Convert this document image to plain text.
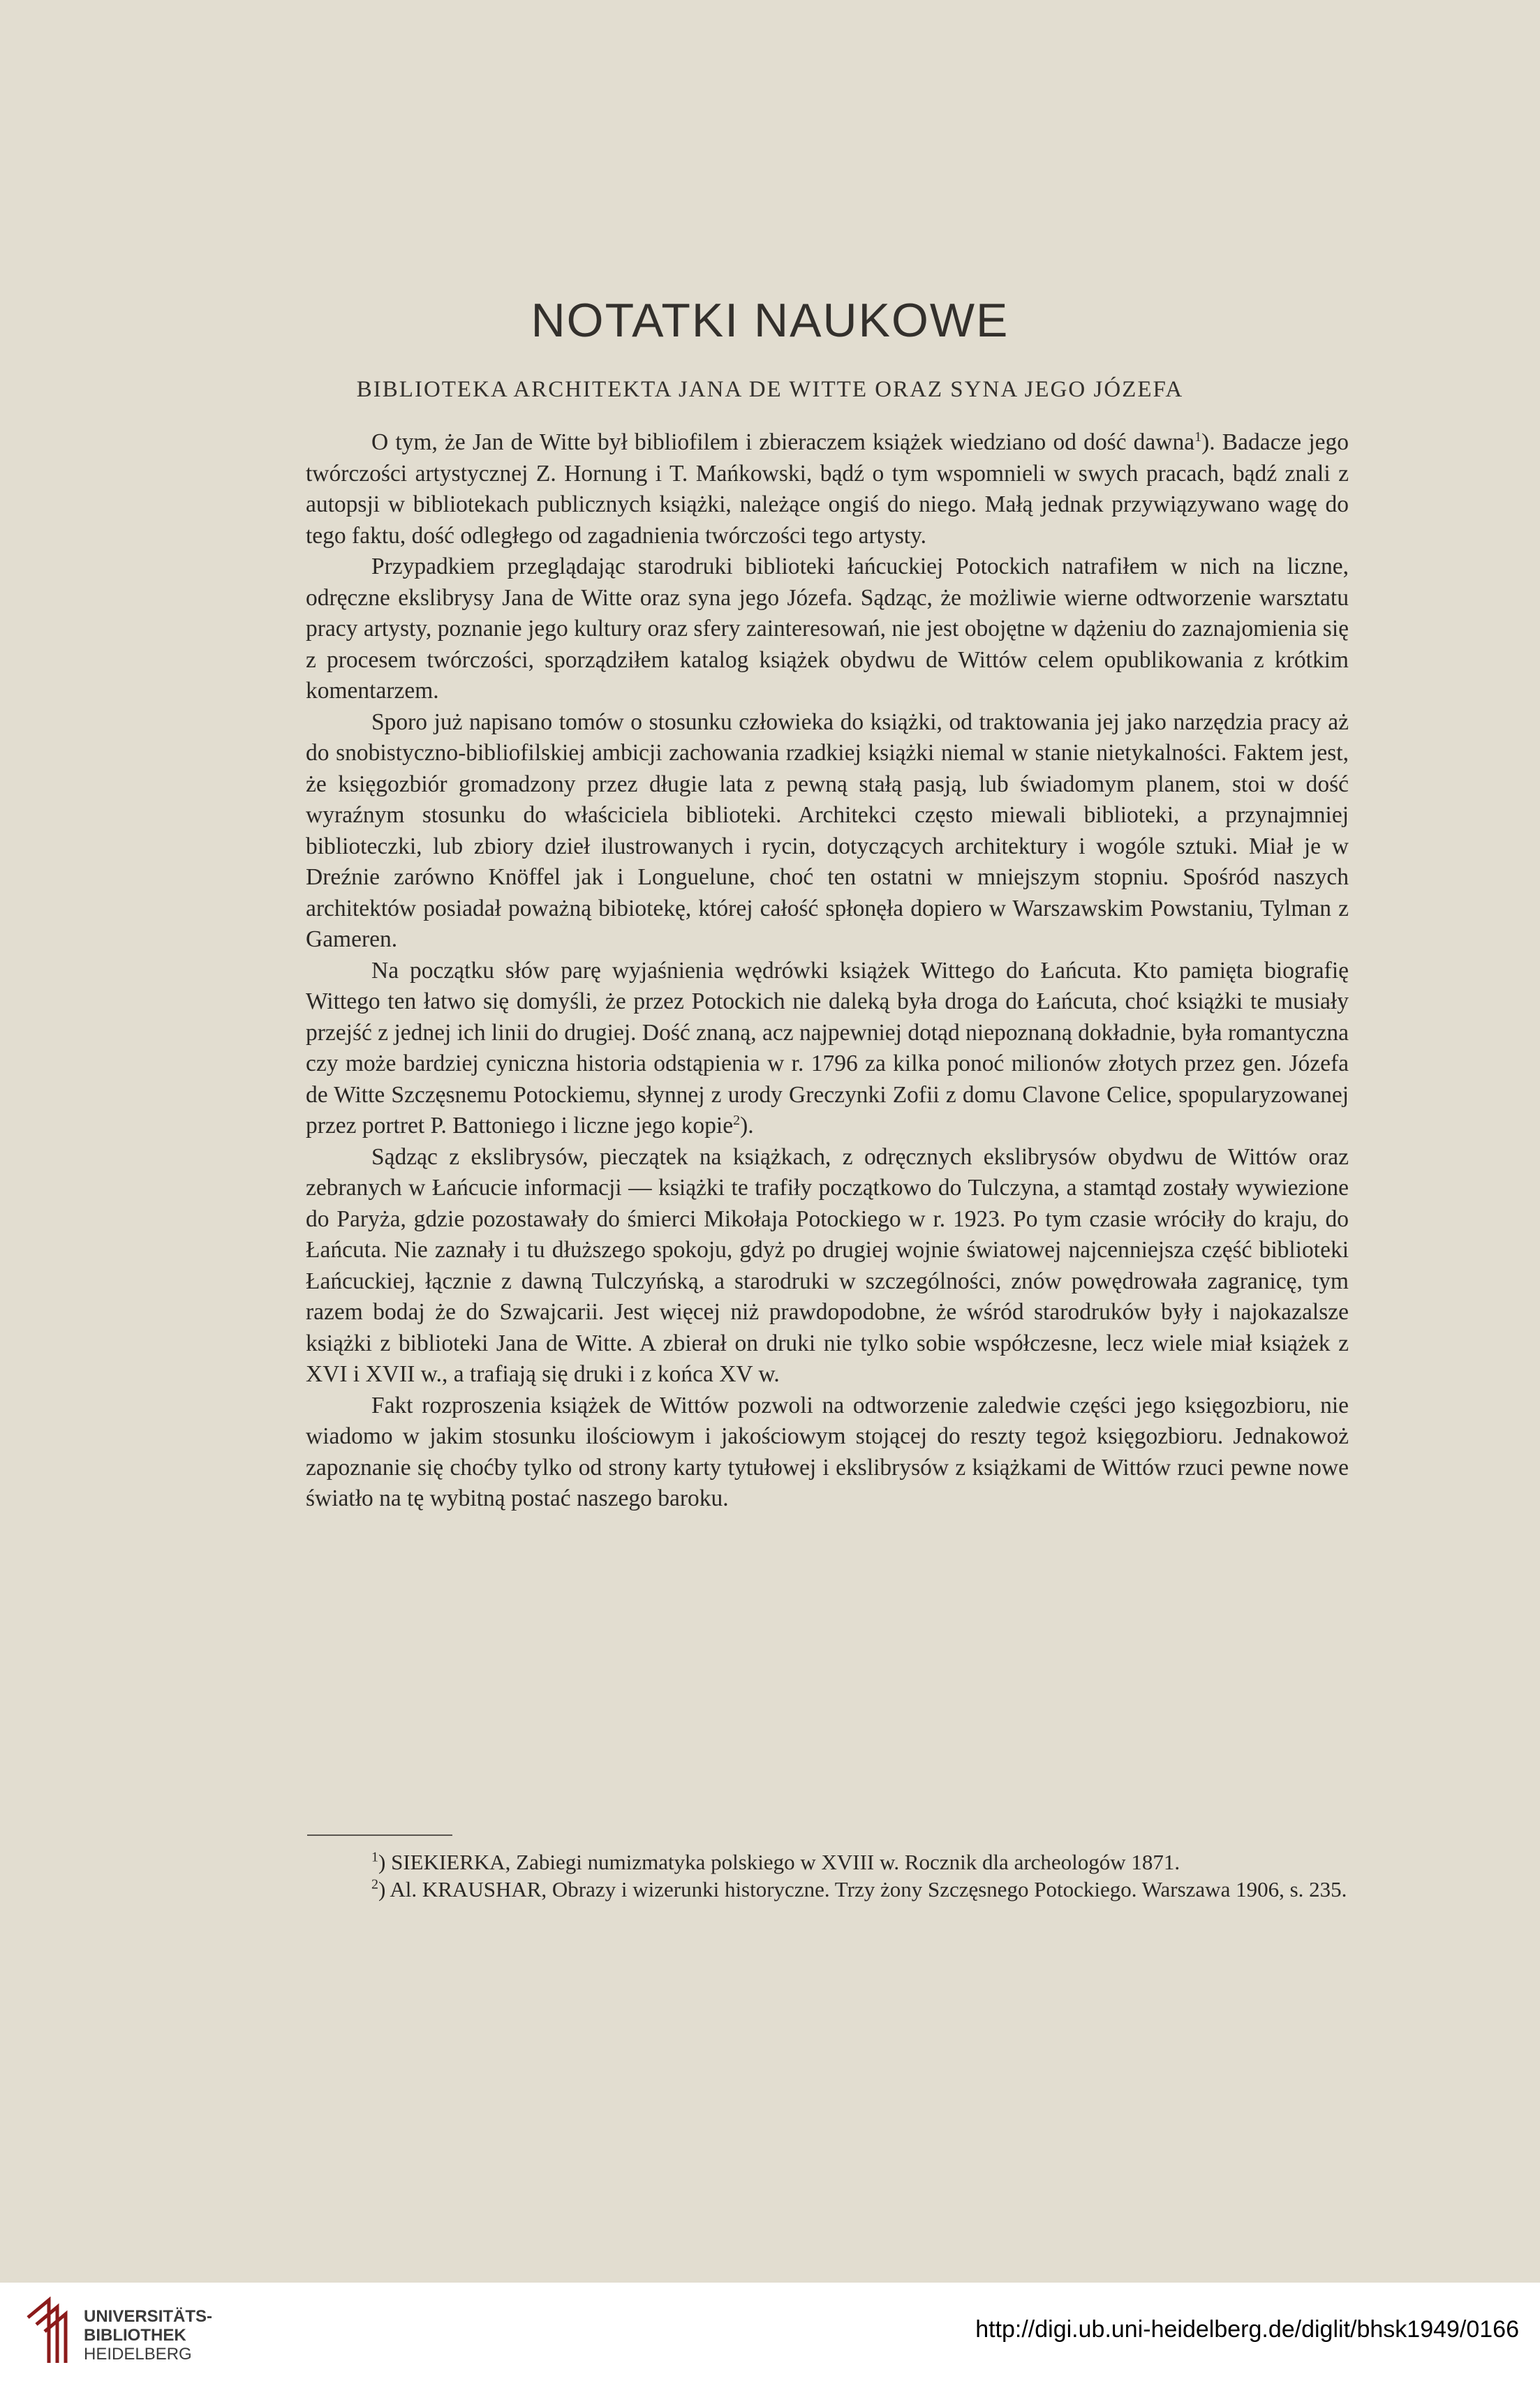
NOTATKI NAUKOWE
BIBLIOTEKA ARCHITEKTA JANA DE WITTE ORAZ SYNA JEGO JÓZEFA

O tym, że Jan de Witte był bibliofilem i zbieraczem książek wiedziano od dość dawna$^1$). Badacze jego twórczości artystycznej Z. Hornung i T. Mańkowski, bądź o tym wspomnieli w swych pracach, bądź znali z autopsji w bibliotekach publicznych książki, należące ongiś do niego. Małą jednak przywiązywano wagę do tego faktu, dość odległego od zagadnienia twórczości tego artysty.

Przypadkiem przeglądając starodruki biblioteki łańcuckiej Potockich natrafiłem w nich na liczne, odręczne ekslibrysy Jana de Witte oraz syna jego Józefa. Sądząc, że możliwie wierne odtworzenie warsztatu pracy artysty, poznanie jego kultury oraz sfery zainteresowań, nie jest obojętne w dążeniu do zaznajomienia się z procesem twórczości, sporządziłem katalog książek obydwu de Wittów celem opublikowania z krótkim komentarzem.

Sporo już napisano tomów o stosunku człowieka do książki, od traktowania jej jako narzędzia pracy aż do snobistyczno-bibliofilskiej ambicji zachowania rzadkiej książki niemal w stanie nietykalności. Faktem jest, że księgozbiór gromadzony przez długie lata z pewną stałą pasją, lub świadomym planem, stoi w dość wyraźnym stosunku do właściciela biblioteki. Architekci często miewali biblioteki, a przynajmniej biblioteczki, lub zbiory dzieł ilustrowanych i rycin, dotyczących architektury i wogóle sztuki. Miał je w Dreźnie zarówno Knöffel jak i Longuelune, choć ten ostatni w mniejszym stopniu. Spośród naszych architektów posiadał poważną bibiotekę, której całość spłonęła dopiero w Warszawskim Powstaniu, Tylman z Gameren.

Na początku słów parę wyjaśnienia wędrówki książek Wittego do Łańcuta. Kto pamięta biografię Wittego ten łatwo się domyśli, że przez Potockich nie daleką była droga do Łańcuta, choć książki te musiały przejść z jednej ich linii do drugiej. Dość znaną, acz najpewniej dotąd niepoznaną dokładnie, była romantyczna czy może bardziej cyniczna historia odstąpienia w r. 1796 za kilka ponoć milionów złotych przez gen. Józefa de Witte Szczęsnemu Potockiemu, słynnej z urody Greczynki Zofii z domu Clavone Celice, spopularyzowanej przez portret P. Battoniego i liczne jego kopie$^2$).

Sądząc z ekslibrysów, pieczątek na książkach, z odręcznych ekslibrysów obydwu de Wittów oraz zebranych w Łańcucie informacji — książki te trafiły początkowo do Tulczyna, a stamtąd zostały wywiezione do Paryża, gdzie pozostawały do śmierci Mikołaja Potockiego w r. 1923. Po tym czasie wróciły do kraju, do Łańcuta. Nie zaznały i tu dłuższego spokoju, gdyż po drugiej wojnie światowej najcenniejsza część biblioteki Łańcuckiej, łącznie z dawną Tulczyńską, a starodruki w szczególności, znów powędrowała zagranicę, tym razem bodaj że do Szwajcarii. Jest więcej niż prawdopodobne, że wśród starodruków były i najokazalsze książki z biblioteki Jana de Witte. A zbierał on druki nie tylko sobie współczesne, lecz wiele miał książek z XVI i XVII w., a trafiają się druki i z końca XV w.

Fakt rozproszenia książek de Wittów pozwoli na odtworzenie zaledwie części jego księgozbioru, nie wiadomo w jakim stosunku ilościowym i jakościowym stojącej do reszty tegoż księgozbioru. Jednakowoż zapoznanie się choćby tylko od strony karty tytułowej i ekslibrysów z książkami de Wittów rzuci pewne nowe światło na tę wybitną postać naszego baroku.

$^1$) SIEKIERKA, Zabiegi numizmatyka polskiego w XVIII w. Rocznik dla archeologów 1871.

$^2$) Al. KRAUSHAR, Obrazy i wizerunki historyczne. Trzy żony Szczęsnego Potockiego. Warszawa 1906, s. 235.

UNIVERSITÄTS-
BIBLIOTHEK
HEIDELBERG
http://digi.ub.uni-heidelberg.de/diglit/bhsk1949/0166
